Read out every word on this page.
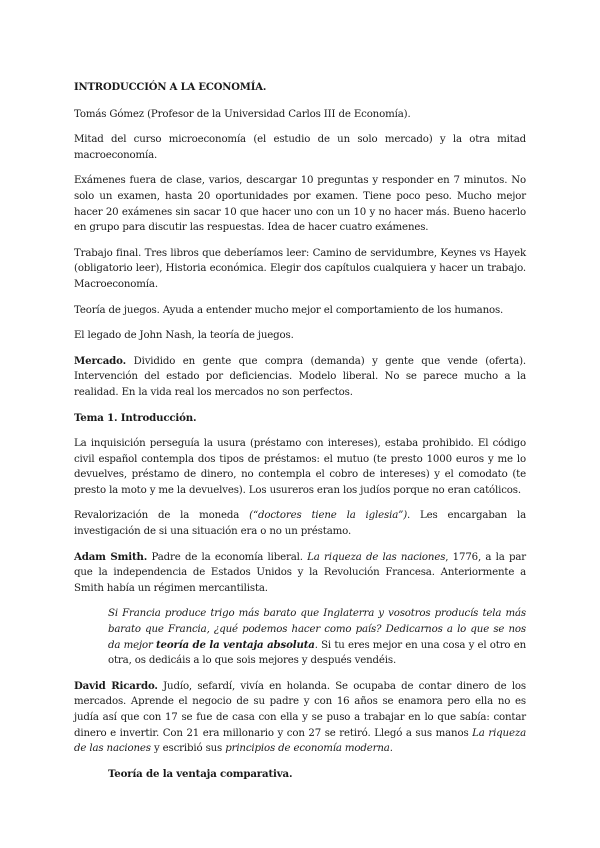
INTRODUCCIÓN A LA ECONOMÍA.

Tomás Gómez (Profesor de la Universidad Carlos III de Economía).

Mitad del curso microeconomía (el estudio de un solo mercado) y la otra mitad macroeconomía.

Exámenes fuera de clase, varios, descargar 10 preguntas y responder en 7 minutos. No solo un examen, hasta 20 oportunidades por examen. Tiene poco peso. Mucho mejor hacer 20 exámenes sin sacar 10 que hacer uno con un 10 y no hacer más. Bueno hacerlo en grupo para discutir las respuestas. Idea de hacer cuatro exámenes.

Trabajo final. Tres libros que deberíamos leer: Camino de servidumbre, Keynes vs Hayek (obligatorio leer), Historia económica. Elegir dos capítulos cualquiera y hacer un trabajo. Macroeconomía.

Teoría de juegos. Ayuda a entender mucho mejor el comportamiento de los humanos.

El legado de John Nash, la teoría de juegos.

Mercado. Dividido en gente que compra (demanda) y gente que vende (oferta). Intervención del estado por deficiencias. Modelo liberal. No se parece mucho a la realidad. En la vida real los mercados no son perfectos.

Tema 1. Introducción.

La inquisición perseguía la usura (préstamo con intereses), estaba prohibido. El código civil español contempla dos tipos de préstamos: el mutuo (te presto 1000 euros y me lo devuelves, préstamo de dinero, no contempla el cobro de intereses) y el comodato (te presto la moto y me la devuelves). Los usureros eran los judíos porque no eran católicos.

Revalorización de la moneda (“doctores tiene la iglesia”). Les encargaban la investigación de si una situación era o no un préstamo.

Adam Smith. Padre de la economía liberal. La riqueza de las naciones, 1776, a la par que la independencia de Estados Unidos y la Revolución Francesa. Anteriormente a Smith había un régimen mercantilista.

Si Francia produce trigo más barato que Inglaterra y vosotros producís tela más barato que Francia, ¿qué podemos hacer como país? Dedicarnos a lo que se nos da mejor teoría de la ventaja absoluta. Si tu eres mejor en una cosa y el otro en otra, os dedicáis a lo que sois mejores y después vendéis.

David Ricardo. Judío, sefardí, vivía en holanda. Se ocupaba de contar dinero de los mercados. Aprende el negocio de su padre y con 16 años se enamora pero ella no es judía así que con 17 se fue de casa con ella y se puso a trabajar en lo que sabía: contar dinero e invertir. Con 21 era millonario y con 27 se retiró. Llegó a sus manos La riqueza de las naciones y escribió sus principios de economía moderna.

Teoría de la ventaja comparativa.
